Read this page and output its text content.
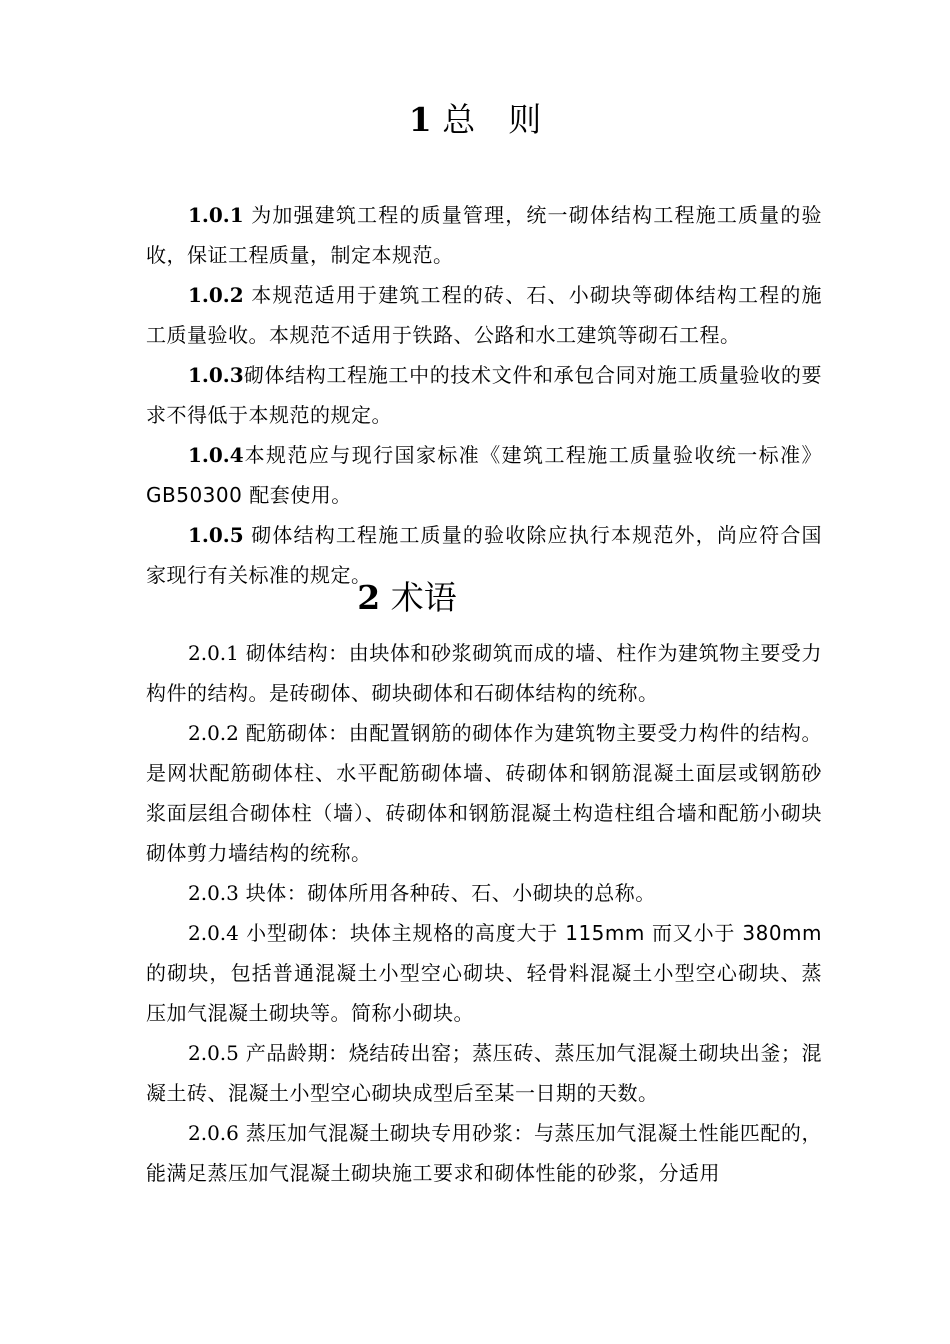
1 总　则
1.0.1 为加强建筑工程的质量管理，统一砌体结构工程施工质量的验收，保证工程质量，制定本规范。
1.0.2 本规范适用于建筑工程的砖、石、小砌块等砌体结构工程的施工质量验收。本规范不适用于铁路、公路和水工建筑等砌石工程。
1.0.3砌体结构工程施工中的技术文件和承包合同对施工质量验收的要求不得低于本规范的规定。
1.0.4本规范应与现行国家标准《建筑工程施工质量验收统一标准》GB50300 配套使用。
1.0.5 砌体结构工程施工质量的验收除应执行本规范外，尚应符合国家现行有关标准的规定。
2 术语
2.0.1 砌体结构：由块体和砂浆砌筑而成的墙、柱作为建筑物主要受力构件的结构。是砖砌体、砌块砌体和石砌体结构的统称。
2.0.2 配筋砌体：由配置钢筋的砌体作为建筑物主要受力构件的结构。是网状配筋砌体柱、水平配筋砌体墙、砖砌体和钢筋混凝土面层或钢筋砂浆面层组合砌体柱（墙）、砖砌体和钢筋混凝土构造柱组合墙和配筋小砌块砌体剪力墙结构的统称。
2.0.3 块体：砌体所用各种砖、石、小砌块的总称。
2.0.4 小型砌体：块体主规格的高度大于 115mm 而又小于 380mm 的砌块，包括普通混凝土小型空心砌块、轻骨料混凝土小型空心砌块、蒸压加气混凝土砌块等。简称小砌块。
2.0.5 产品龄期：烧结砖出窑；蒸压砖、蒸压加气混凝土砌块出釜；混凝土砖、混凝土小型空心砌块成型后至某一日期的天数。
2.0.6 蒸压加气混凝土砌块专用砂浆：与蒸压加气混凝土性能匹配的，能满足蒸压加气混凝土砌块施工要求和砌体性能的砂浆，分适用
